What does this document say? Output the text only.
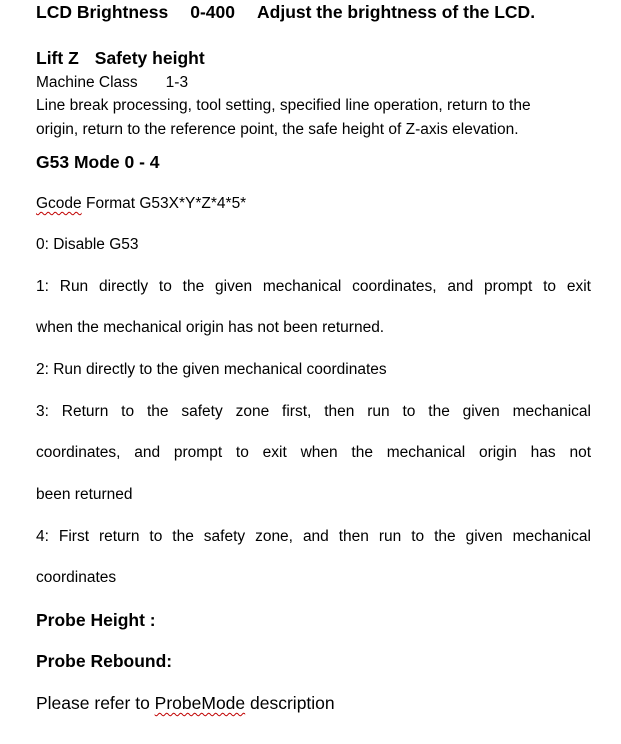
LCD Brightness 0-400 Adjust the brightness of the LCD.
Lift Z Safety height
Machine Class 1-3
Line break processing, tool setting, specified line operation, return to the
origin, return to the reference point, the safe height of Z-axis elevation.
G53 Mode 0 - 4
Gcode Format G53X*Y*Z*4*5*
0: Disable G53
1: Run directly to the given mechanical coordinates, and prompt to exit
when the mechanical origin has not been returned.
2: Run directly to the given mechanical coordinates
3: Return to the safety zone first, then run to the given mechanical
coordinates, and prompt to exit when the mechanical origin has not
been returned
4: First return to the safety zone, and then run to the given mechanical
coordinates
Probe Height :
Probe Rebound:
Please refer to ProbeMode description
